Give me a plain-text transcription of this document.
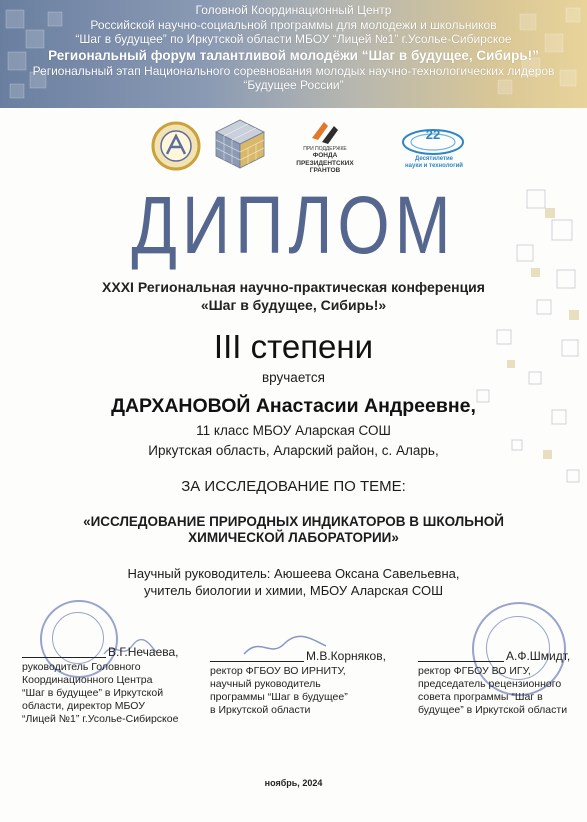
Головной Координационный Центр
Российской научно-социальной программы для молодежи и школьников
“Шаг в будущее” по Иркутской области МБОУ “Лицей №1” г.Усолье-Сибирское
Региональный форум талантливой молодёжи “Шаг в будущее, Сибирь!”
Региональный этап Национального соревнования молодых научно-технологических лидеров
“Будущее России”
ПРИ ПОДДЕРЖКЕ
ФОНДА
ПРЕЗИДЕНТСКИХ
ГРАНТОВ
22
Десятилетие
науки и технологий
ДИПЛОМ
XXXI Региональная научно-практическая конференция
«Шаг в будущее, Сибирь!»
III степени
вручается
ДАРХАНОВОЙ Анастасии Андреевне,
11 класс МБОУ Аларская СОШ
Иркутская область, Аларский район, с. Аларь,
ЗА ИССЛЕДОВАНИЕ ПО ТЕМЕ:
«ИССЛЕДОВАНИЕ ПРИРОДНЫХ ИНДИКАТОРОВ В ШКОЛЬНОЙ
ХИМИЧЕСКОЙ ЛАБОРАТОРИИ»
Научный руководитель: Аюшеева Оксана Савельевна,
учитель биологии и химии, МБОУ Аларская СОШ
В.Г.Нечаева,
руководитель Головного
Координационного Центра
“Шаг в будущее” в Иркутской
области, директор МБОУ
“Лицей №1” г.Усолье-Сибирское
М.В.Корняков,
ректор ФГБОУ ВО ИРНИТУ,
научный руководитель
программы “Шаг в будущее”
в Иркутской области
А.Ф.Шмидт,
ректор ФГБОУ ВО ИГУ,
председатель рецензионного
совета программы “Шаг в
будущее” в Иркутской области
ноябрь, 2024
